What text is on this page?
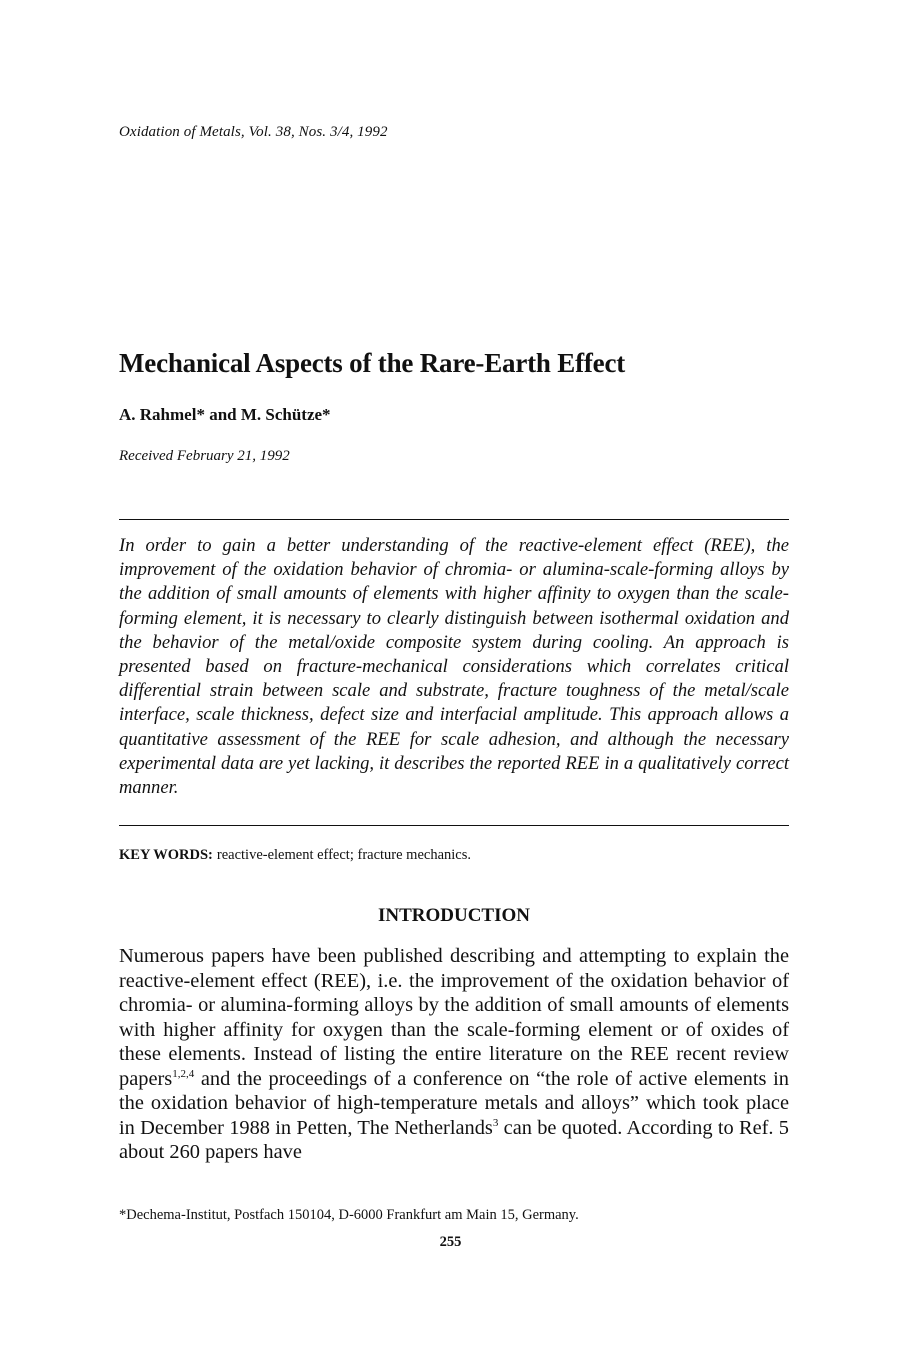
Oxidation of Metals, Vol. 38, Nos. 3/4, 1992
Mechanical Aspects of the Rare-Earth Effect
A. Rahmel* and M. Schütze*
Received February 21, 1992

In order to gain a better understanding of the reactive-element effect (REE), the improvement of the oxidation behavior of chromia- or alumina-scale-forming alloys by the addition of small amounts of elements with higher affinity to oxygen than the scale-forming element, it is necessary to clearly distinguish between isothermal oxidation and the behavior of the metal/oxide composite system during cooling. An approach is presented based on fracture-mechanical considerations which correlates critical differential strain between scale and substrate, fracture toughness of the metal/scale interface, scale thickness, defect size and interfacial amplitude. This approach allows a quantitative assessment of the REE for scale adhesion, and although the necessary experimental data are yet lacking, it describes the reported REE in a qualitatively correct manner.

KEY WORDS: reactive-element effect; fracture mechanics.
INTRODUCTION

Numerous papers have been published describing and attempting to explain the reactive-element effect (REE), i.e. the improvement of the oxidation behavior of chromia- or alumina-forming alloys by the addition of small amounts of elements with higher affinity for oxygen than the scale-forming element or of oxides of these elements. Instead of listing the entire literature on the REE recent review papers$^{1,2,4}$ and the proceedings of a conference on “the role of active elements in the oxidation behavior of high-temperature metals and alloys” which took place in December 1988 in Petten, The Netherlands$^3$ can be quoted. According to Ref. 5 about 260 papers have

*Dechema-Institut, Postfach 150104, D-6000 Frankfurt am Main 15, Germany.
255
